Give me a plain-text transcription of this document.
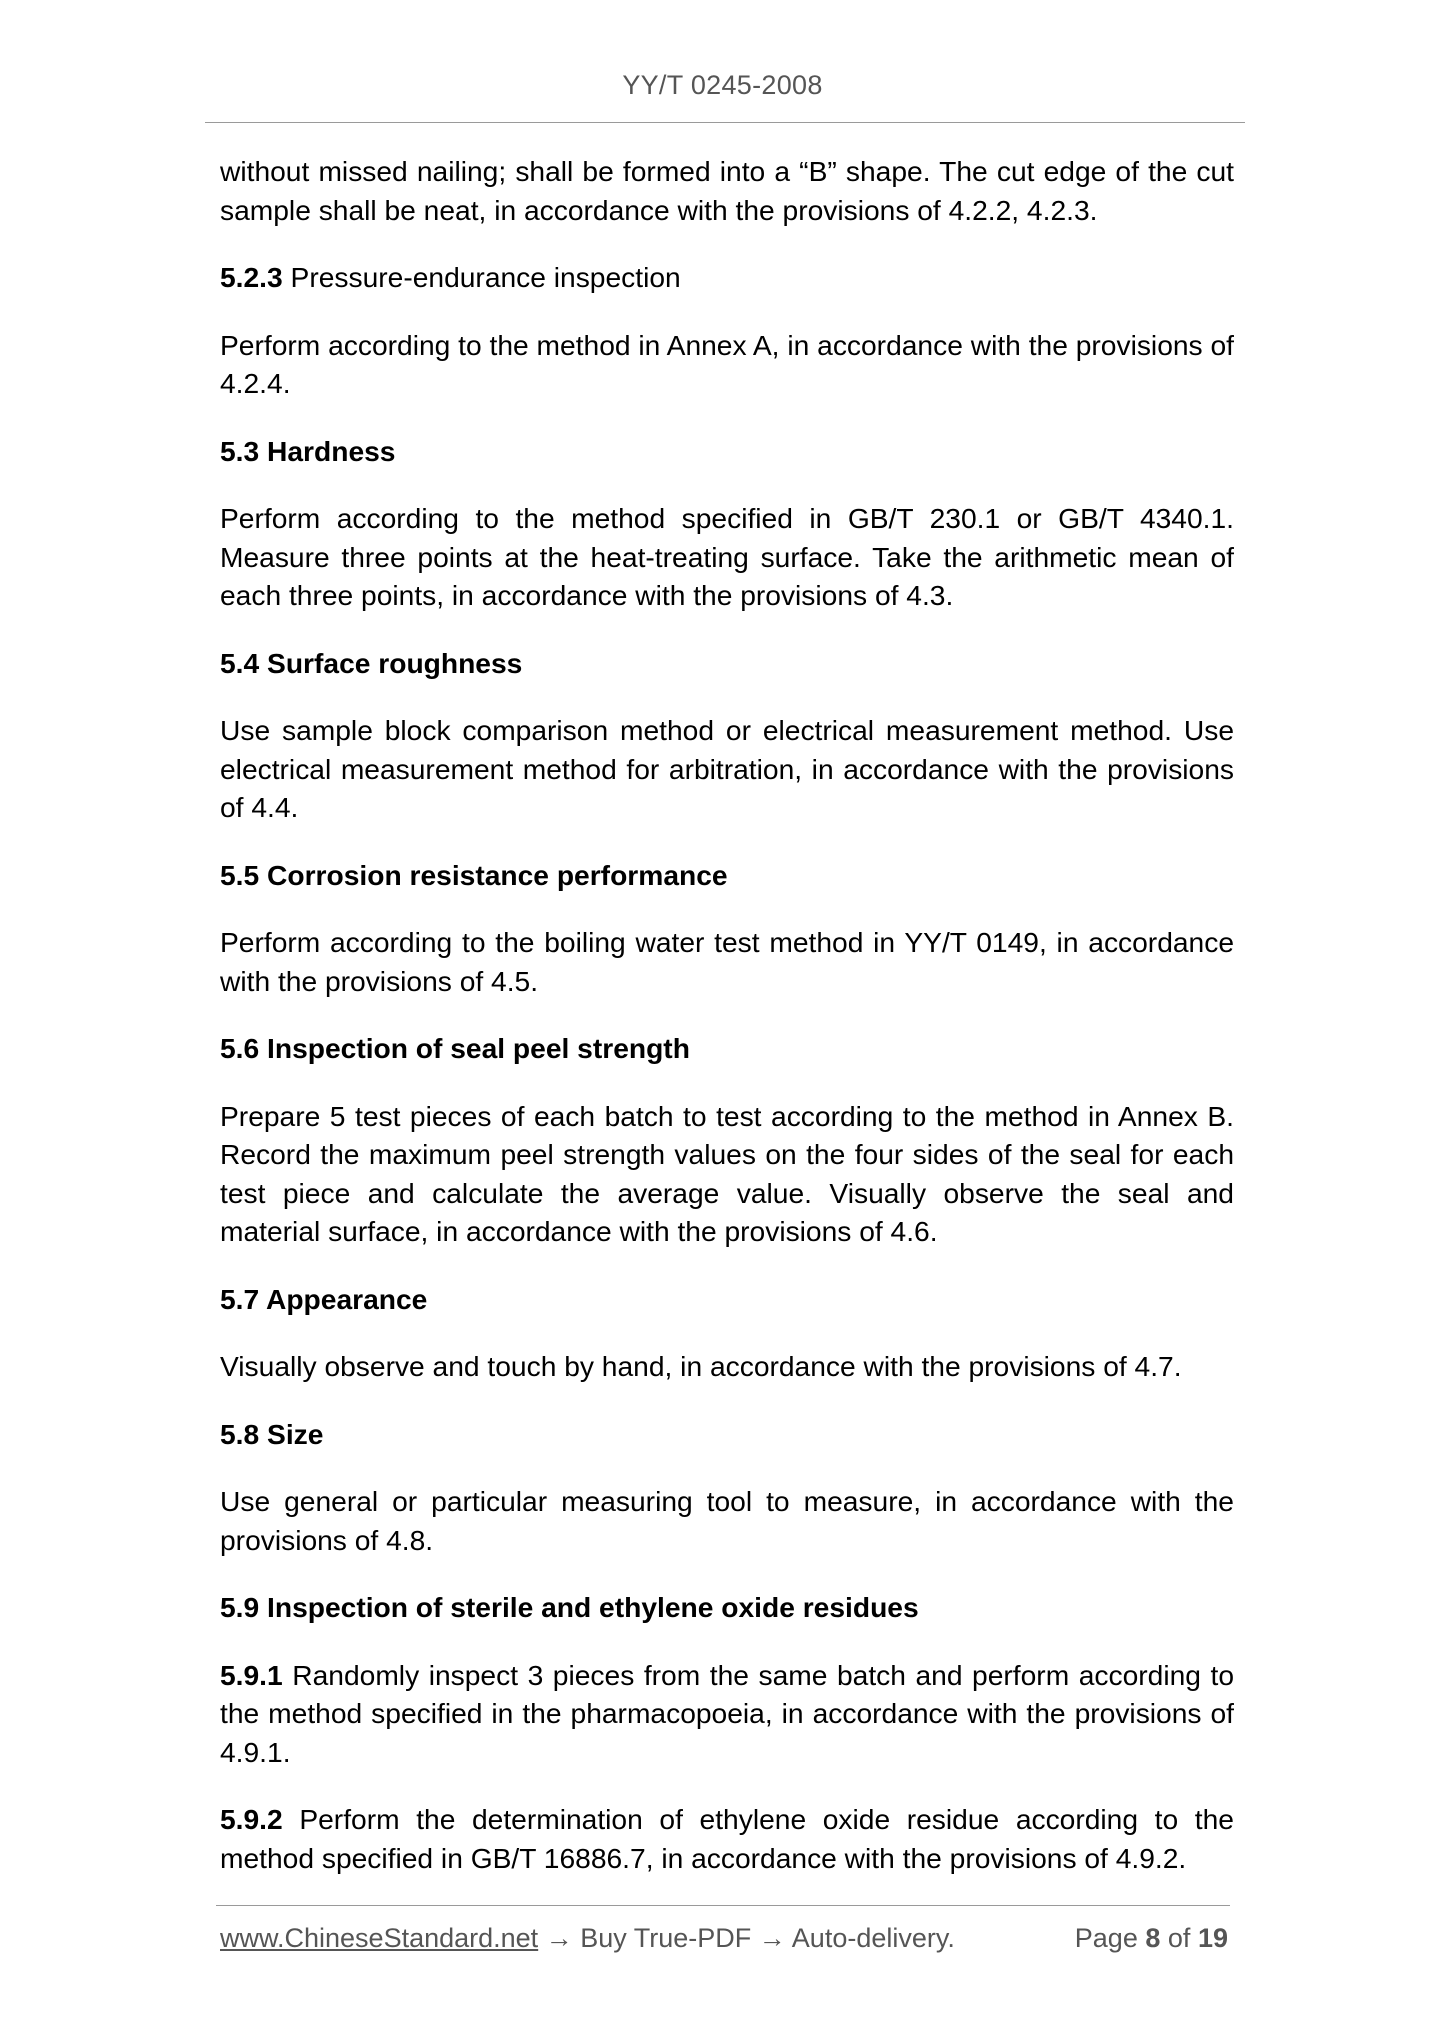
YY/T 0245-2008

without missed nailing; shall be formed into a “B” shape. The cut edge of the cut sample shall be neat, in accordance with the provisions of 4.2.2, 4.2.3.

5.2.3 Pressure-endurance inspection

Perform according to the method in Annex A, in accordance with the provisions of 4.2.4.

5.3 Hardness

Perform according to the method specified in GB/T 230.1 or GB/T 4340.1. Measure three points at the heat-treating surface. Take the arithmetic mean of each three points, in accordance with the provisions of 4.3.

5.4 Surface roughness

Use sample block comparison method or electrical measurement method. Use electrical measurement method for arbitration, in accordance with the provisions of 4.4.

5.5 Corrosion resistance performance

Perform according to the boiling water test method in YY/T 0149, in accordance with the provisions of 4.5.

5.6 Inspection of seal peel strength

Prepare 5 test pieces of each batch to test according to the method in Annex B. Record the maximum peel strength values on the four sides of the seal for each test piece and calculate the average value. Visually observe the seal and material surface, in accordance with the provisions of 4.6.

5.7 Appearance

Visually observe and touch by hand, in accordance with the provisions of 4.7.

5.8 Size

Use general or particular measuring tool to measure, in accordance with the provisions of 4.8.

5.9 Inspection of sterile and ethylene oxide residues

5.9.1 Randomly inspect 3 pieces from the same batch and perform according to the method specified in the pharmacopoeia, in accordance with the provisions of 4.9.1.

5.9.2 Perform the determination of ethylene oxide residue according to the method specified in GB/T 16886.7, in accordance with the provisions of 4.9.2.

www.ChineseStandard.net → Buy True-PDF → Auto-delivery.	Page 8 of 19
